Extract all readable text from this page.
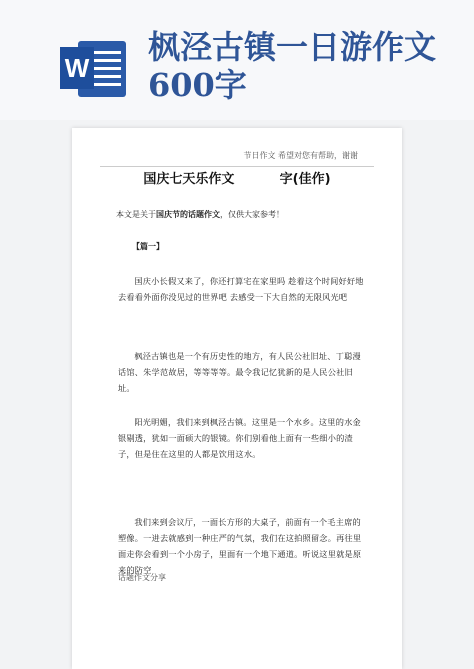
W
枫泾古镇一日游作文600字
节日作文 希望对您有帮助，谢谢
国庆七天乐作文          字(佳作)
本文是关于国庆节的话题作文，仅供大家参考！
【篇一】

国庆小长假又来了，你还打算宅在家里吗 趁着这个时间好好地去看看外面你没见过的世界吧 去感受一下大自然的无限风光吧

枫泾古镇也是一个有历史性的地方，有人民公社旧址、丁聪漫话馆、朱学范故居，等等等等。最令我记忆犹新的是人民公社旧址。

阳光明媚，我们来到枫泾古镇。这里是一个水乡。这里的水金银剔透，犹如一面硕大的银镜。你们别看他上面有一些细小的渣子，但是住在这里的人都是饮用这水。

我们来到会议厅，一面长方形的大桌子，前面有一个毛主席的塑像。一进去就感到一种庄严的气氛，我们在这拍照留念。再往里面走你会看到一个小房子，里面有一个地下通道。听说这里就是原来的防空

话题作文分享
